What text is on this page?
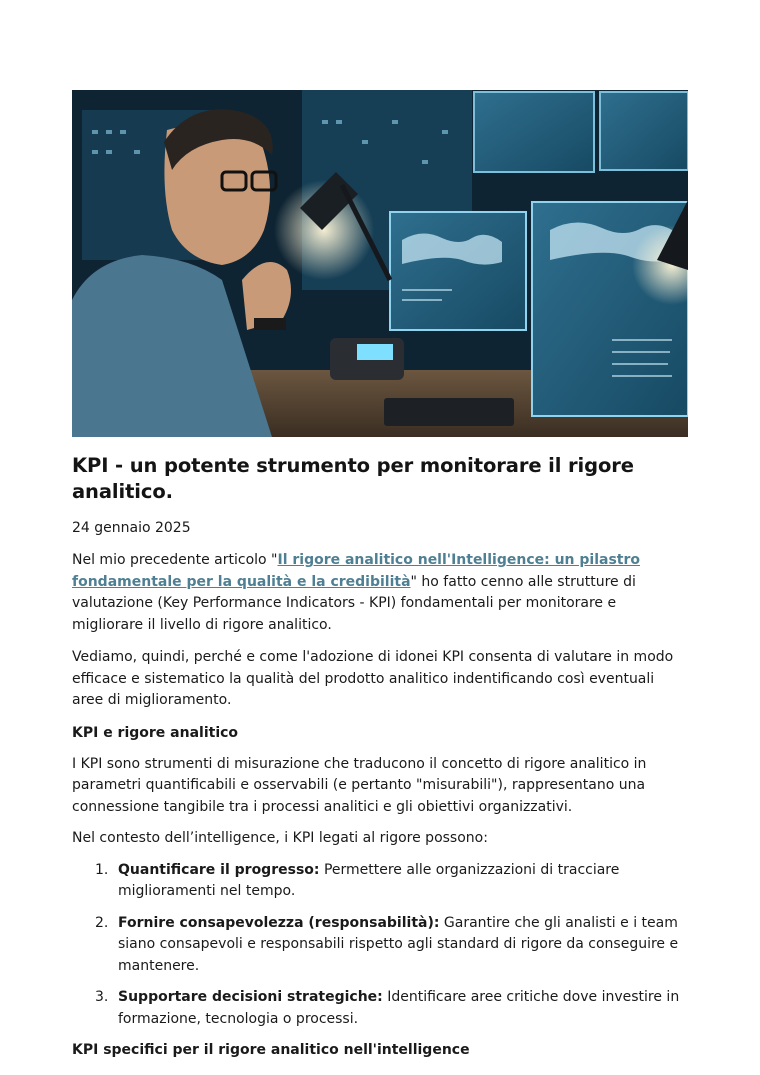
KPI - un potente strumento per monitorare il rigore analitico.
24 gennaio 2025

Nel mio precedente articolo "Il rigore analitico nell'Intelligence: un pilastro fondamentale per la qualità e la credibilità" ho fatto cenno alle strutture di valutazione (Key Performance Indicators - KPI) fondamentali per monitorare e migliorare il livello di rigore analitico.

Vediamo, quindi, perché e come l'adozione di idonei KPI consenta di valutare in modo efficace e sistematico la qualità del prodotto analitico indentificando così eventuali aree di miglioramento.

KPI e rigore analitico

I KPI sono strumenti di misurazione che traducono il concetto di rigore analitico in parametri quantificabili e osservabili (e pertanto "misurabili"), rappresentano una connessione tangibile tra i processi analitici e gli obiettivi organizzativi.

Nel contesto dell’intelligence, i KPI legati al rigore possono:

1. Quantificare il progresso: Permettere alle organizzazioni di tracciare miglioramenti nel tempo.
2. Fornire consapevolezza (responsabilità): Garantire che gli analisti e i team siano consapevoli e responsabili rispetto agli standard di rigore da conseguire e mantenere.
3. Supportare decisioni strategiche: Identificare aree critiche dove investire in formazione, tecnologia o processi.
KPI specifici per il rigore analitico nell'intelligence
